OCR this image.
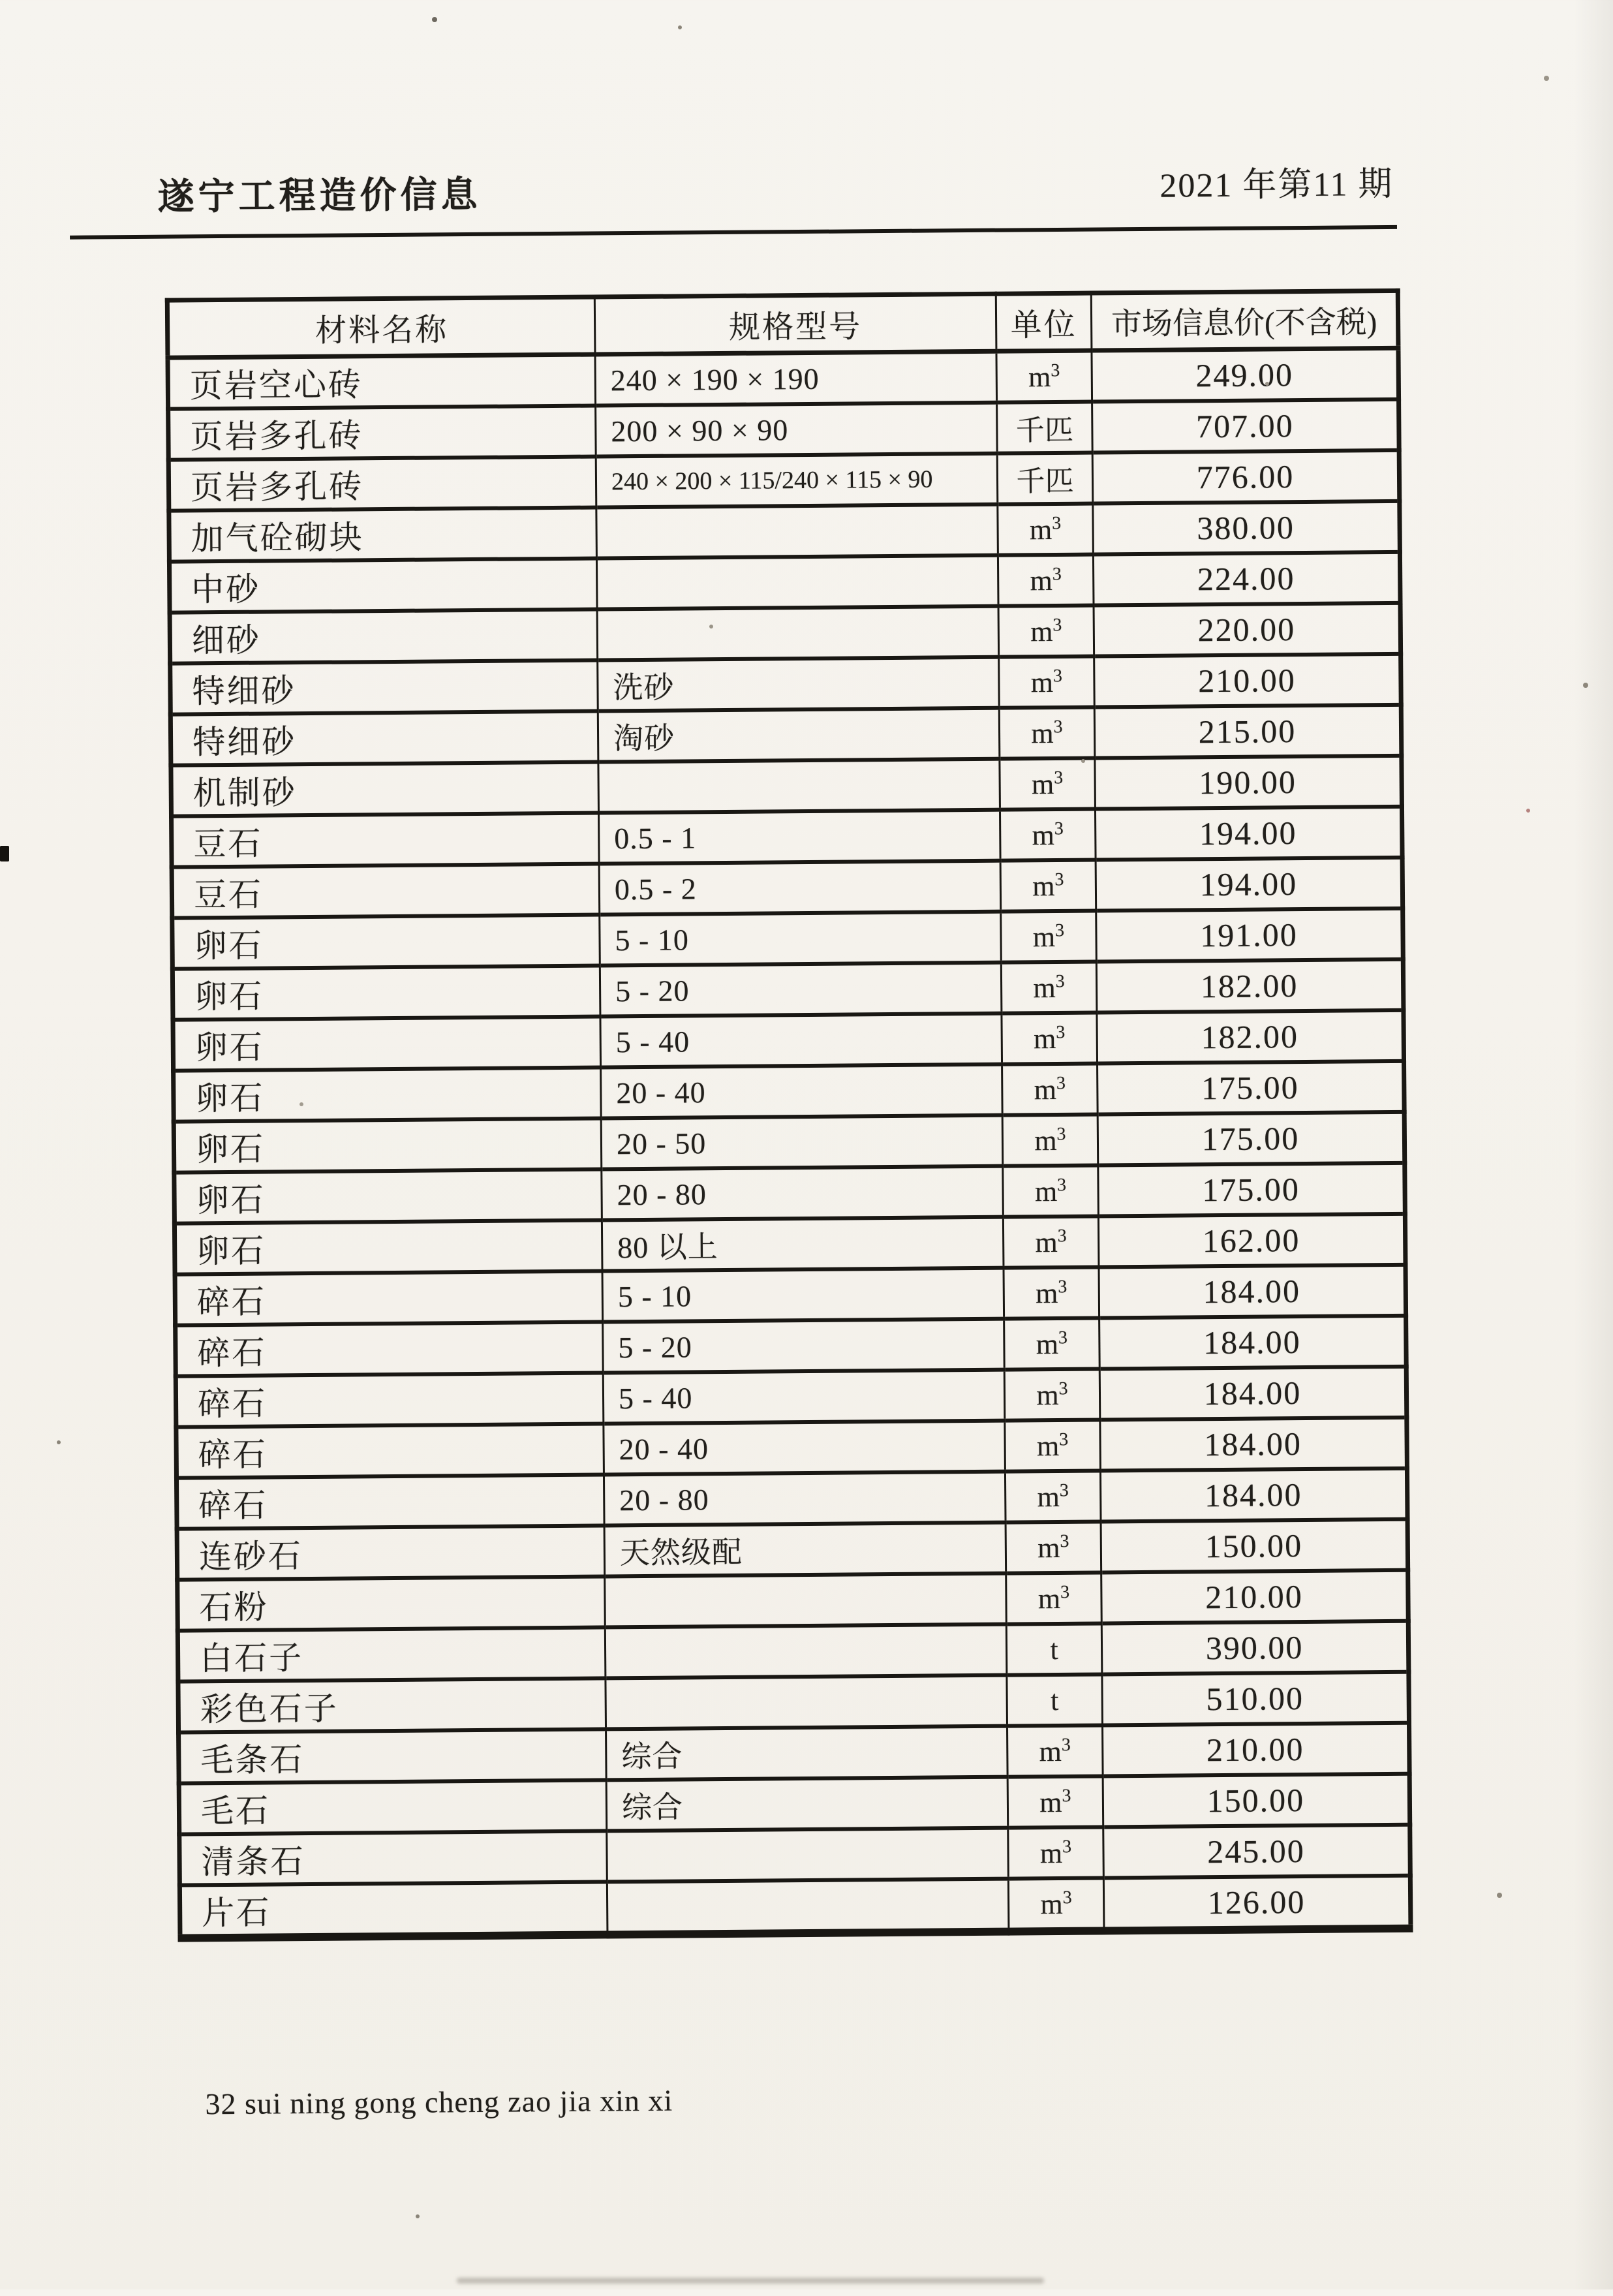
遂宁工程造价信息	2021 年第11 期
材料名称	规格型号	单位	市场信息价(不含税)
页岩空心砖	240 × 190 × 190	$m^3$	249.00
页岩多孔砖	200 × 90 × 90	千匹	707.00
页岩多孔砖	240 × 200 × 115/240 × 115 × 90	千匹	776.00
加气砼砌块		$m^3$	380.00
中砂		$m^3$	224.00
细砂		$m^3$	220.00
特细砂	洗砂	$m^3$	210.00
特细砂	淘砂	$m^3$	215.00
机制砂		$m^3$	190.00
豆石	0.5 - 1	$m^3$	194.00
豆石	0.5 - 2	$m^3$	194.00
卵石	5 - 10	$m^3$	191.00
卵石	5 - 20	$m^3$	182.00
卵石	5 - 40	$m^3$	182.00
卵石	20 - 40	$m^3$	175.00
卵石	20 - 50	$m^3$	175.00
卵石	20 - 80	$m^3$	175.00
卵石	80 以上	$m^3$	162.00
碎石	5 - 10	$m^3$	184.00
碎石	5 - 20	$m^3$	184.00
碎石	5 - 40	$m^3$	184.00
碎石	20 - 40	$m^3$	184.00
碎石	20 - 80	$m^3$	184.00
连砂石	天然级配	$m^3$	150.00
石粉		$m^3$	210.00
白石子		t	390.00
彩色石子		t	510.00
毛条石	综合	$m^3$	210.00
毛石	综合	$m^3$	150.00
清条石		$m^3$	245.00
片石		$m^3$	126.00
32 sui ning gong cheng zao jia xin xi
